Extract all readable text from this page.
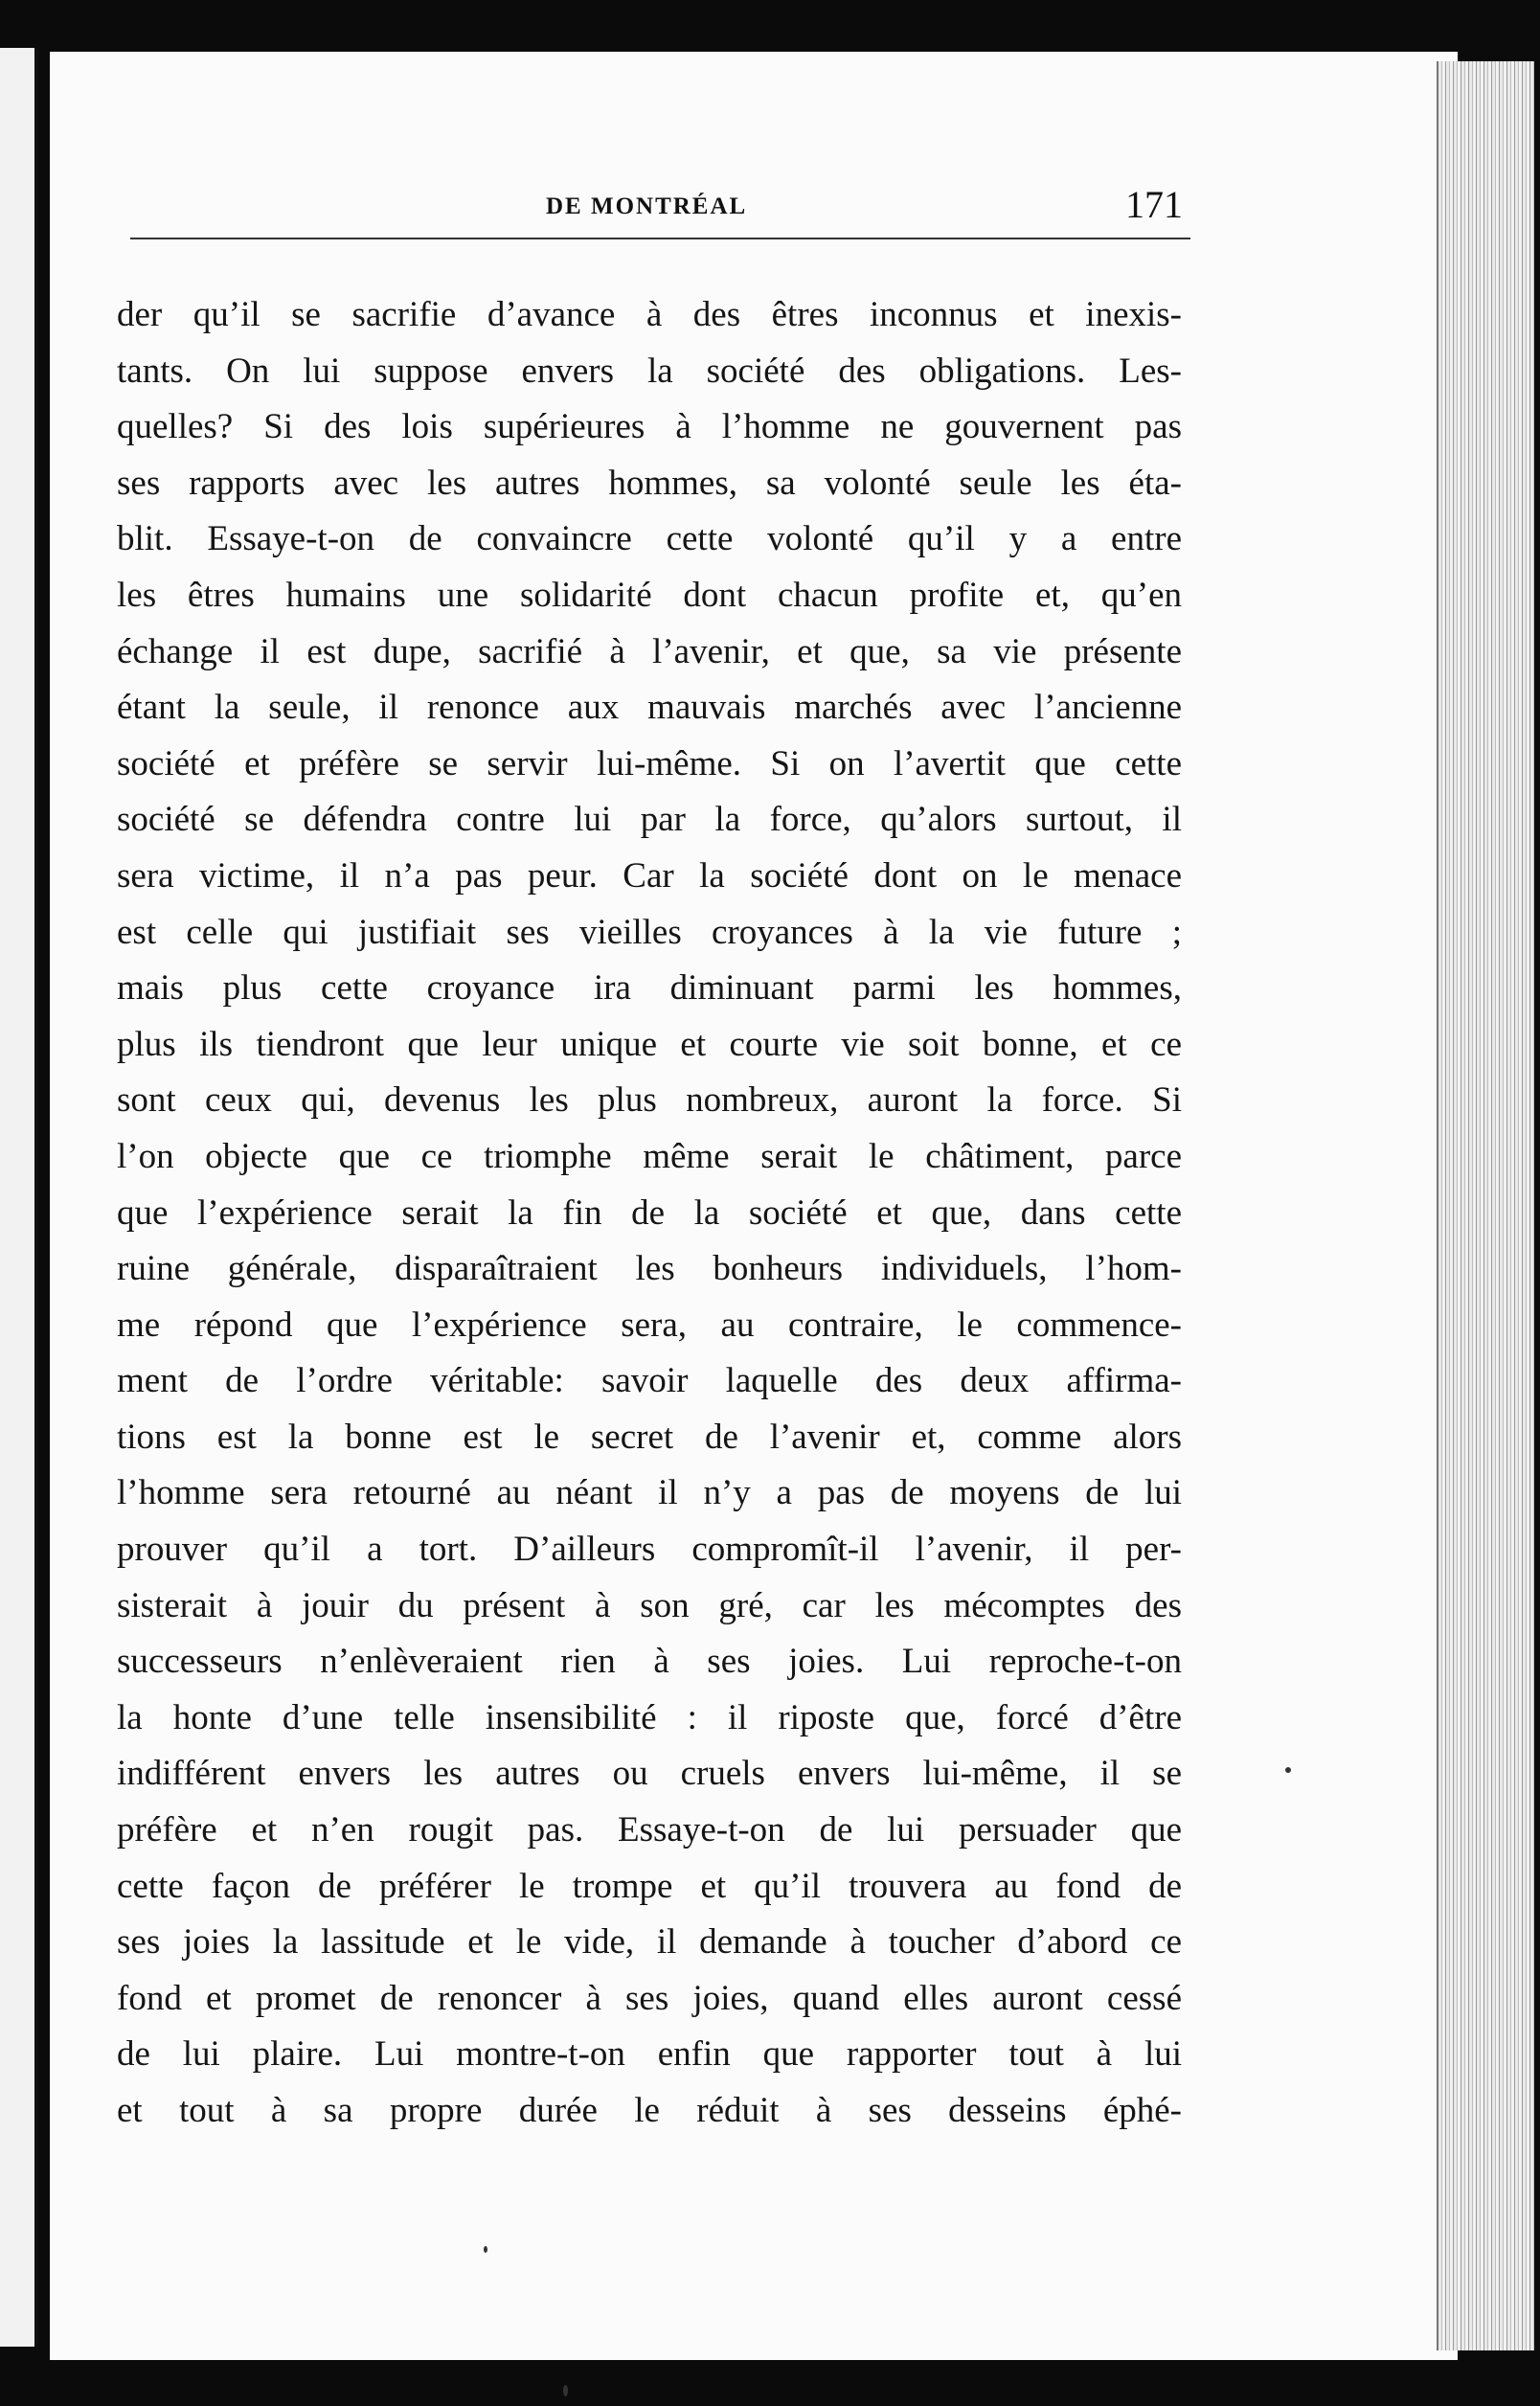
DE MONTRÉAL	171
der qu’il se sacrifie d’avance à des êtres inconnus et inexis-
tants. On lui suppose envers la société des obligations. Les-
quelles? Si des lois supérieures à l’homme ne gouvernent pas
ses rapports avec les autres hommes, sa volonté seule les éta-
blit. Essaye-t-on de convaincre cette volonté qu’il y a entre
les êtres humains une solidarité dont chacun profite et, qu’en
échange il est dupe, sacrifié à l’avenir, et que, sa vie présente
étant la seule, il renonce aux mauvais marchés avec l’ancienne
société et préfère se servir lui-même. Si on l’avertit que cette
société se défendra contre lui par la force, qu’alors surtout, il
sera victime, il n’a pas peur. Car la société dont on le menace
est celle qui justifiait ses vieilles croyances à la vie future ;
mais plus cette croyance ira diminuant parmi les hommes,
plus ils tiendront que leur unique et courte vie soit bonne, et ce
sont ceux qui, devenus les plus nombreux, auront la force. Si
l’on objecte que ce triomphe même serait le châtiment, parce
que l’expérience serait la fin de la société et que, dans cette
ruine générale, disparaîtraient les bonheurs individuels, l’hom-
me répond que l’expérience sera, au contraire, le commence-
ment de l’ordre véritable: savoir laquelle des deux affirma-
tions est la bonne est le secret de l’avenir et, comme alors
l’homme sera retourné au néant il n’y a pas de moyens de lui
prouver qu’il a tort. D’ailleurs compromît-il l’avenir, il per-
sisterait à jouir du présent à son gré, car les mécomptes des
successeurs n’enlèveraient rien à ses joies. Lui reproche-t-on
la honte d’une telle insensibilité : il riposte que, forcé d’être
indifférent envers les autres ou cruels envers lui-même, il se
préfère et n’en rougit pas. Essaye-t-on de lui persuader que
cette façon de préférer le trompe et qu’il trouvera au fond de
ses joies la lassitude et le vide, il demande à toucher d’abord ce
fond et promet de renoncer à ses joies, quand elles auront cessé
de lui plaire. Lui montre-t-on enfin que rapporter tout à lui
et tout à sa propre durée le réduit à ses desseins éphé-
